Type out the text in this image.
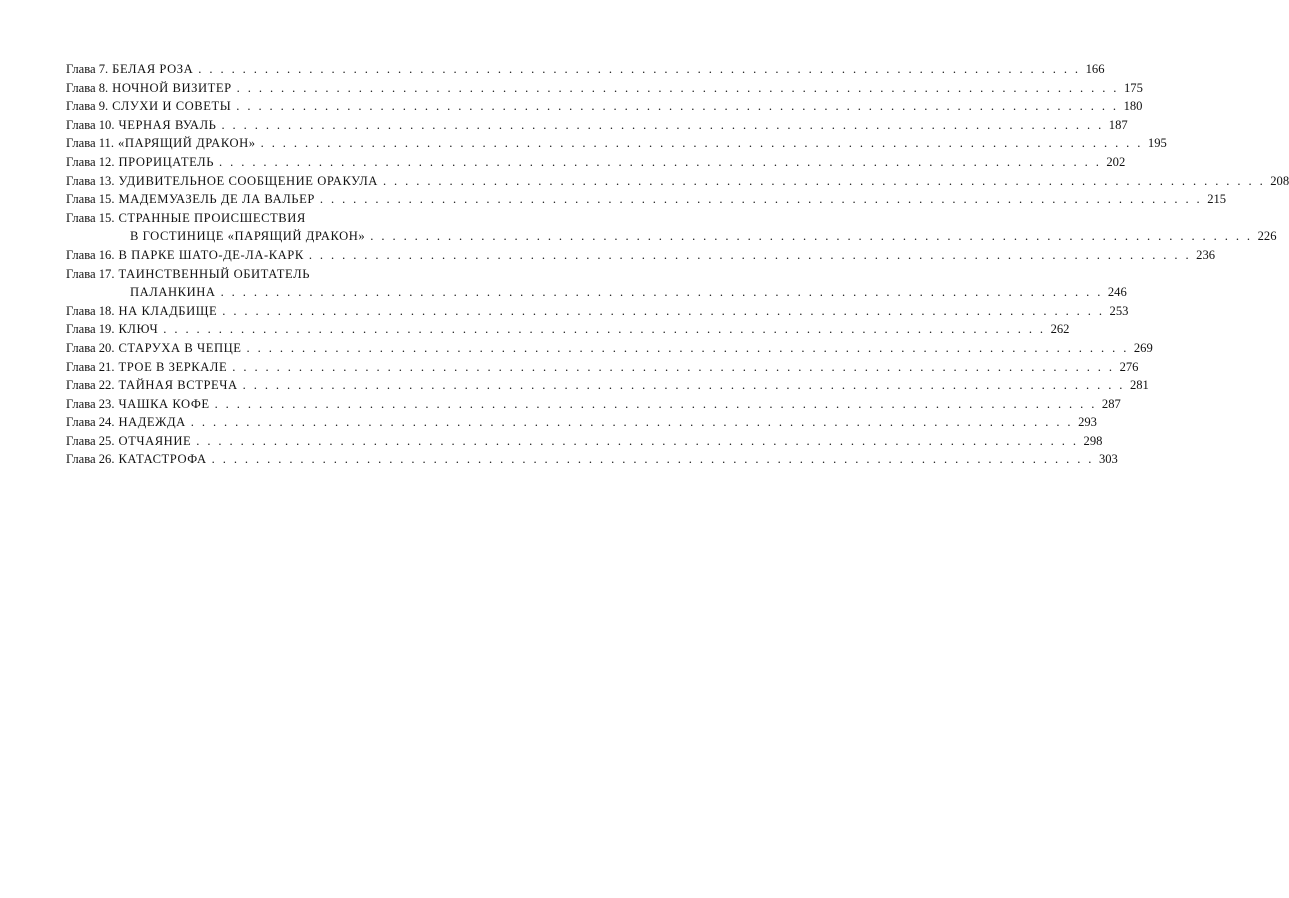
Глава 7. БЕЛАЯ РОЗА . . . . . . . . . . . . . . . . . . . . . . . . . . . . . . . . . . . . . . . . . . . . . . . . . . . . . . . . . . . . . . . . . . . . . . . . . . . . . . . . 166
Глава 8. НОЧНОЙ ВИЗИТЕР . . . . . . . . . . . . . . . . . . . . . . . . . . . . . . . . . . . . . . . . . . . . . . . . . . . . . . . . . . . . . . . . . . . . . . . . . . . . . . . . 175
Глава 9. СЛУХИ И СОВЕТЫ . . . . . . . . . . . . . . . . . . . . . . . . . . . . . . . . . . . . . . . . . . . . . . . . . . . . . . . . . . . . . . . . . . . . . . . . . . . . . . . . 180
Глава 10. ЧЕРНАЯ ВУАЛЬ . . . . . . . . . . . . . . . . . . . . . . . . . . . . . . . . . . . . . . . . . . . . . . . . . . . . . . . . . . . . . . . . . . . . . . . . . . . . . . . . 187
Глава 11. «ПАРЯЩИЙ ДРАКОН» . . . . . . . . . . . . . . . . . . . . . . . . . . . . . . . . . . . . . . . . . . . . . . . . . . . . . . . . . . . . . . . . . . . . . . . . . . . . . . . . 195
Глава 12. ПРОРИЦАТЕЛЬ . . . . . . . . . . . . . . . . . . . . . . . . . . . . . . . . . . . . . . . . . . . . . . . . . . . . . . . . . . . . . . . . . . . . . . . . . . . . . . . . 202
Глава 13. УДИВИТЕЛЬНОЕ СООБЩЕНИЕ ОРАКУЛА . . . . . . . . . . . . . . . . . . . . . . . . . . . . . . . . . . . . . . . . . . . . . . . . . . . . . . . . . . . . . . . . . . . . . . . . . . . . . . . . 208
Глава 15. МАДЕМУАЗЕЛЬ ДЕ ЛА ВАЛЬЕР . . . . . . . . . . . . . . . . . . . . . . . . . . . . . . . . . . . . . . . . . . . . . . . . . . . . . . . . . . . . . . . . . . . . . . . . . . . . . . . . 215
Глава 15. СТРАННЫЕ ПРОИСШЕСТВИЯ
В ГОСТИНИЦЕ «ПАРЯЩИЙ ДРАКОН» . . . . . . . . . . . . . . . . . . . . . . . . . . . . . . . . . . . . . . . . . . . . . . . . . . . . . . . . . . . . . . . . . . . . . . . . . . . . . . . . 226
Глава 16. В ПАРКЕ ШАТО-ДЕ-ЛА-КАРК . . . . . . . . . . . . . . . . . . . . . . . . . . . . . . . . . . . . . . . . . . . . . . . . . . . . . . . . . . . . . . . . . . . . . . . . . . . . . . . . 236
Глава 17. ТАИНСТВЕННЫЙ ОБИТАТЕЛЬ
ПАЛАНКИНА . . . . . . . . . . . . . . . . . . . . . . . . . . . . . . . . . . . . . . . . . . . . . . . . . . . . . . . . . . . . . . . . . . . . . . . . . . . . . . . . 246
Глава 18. НА КЛАДБИЩЕ . . . . . . . . . . . . . . . . . . . . . . . . . . . . . . . . . . . . . . . . . . . . . . . . . . . . . . . . . . . . . . . . . . . . . . . . . . . . . . . . 253
Глава 19. КЛЮЧ . . . . . . . . . . . . . . . . . . . . . . . . . . . . . . . . . . . . . . . . . . . . . . . . . . . . . . . . . . . . . . . . . . . . . . . . . . . . . . . . 262
Глава 20. СТАРУХА В ЧЕПЦЕ . . . . . . . . . . . . . . . . . . . . . . . . . . . . . . . . . . . . . . . . . . . . . . . . . . . . . . . . . . . . . . . . . . . . . . . . . . . . . . . . 269
Глава 21. ТРОЕ В ЗЕРКАЛЕ . . . . . . . . . . . . . . . . . . . . . . . . . . . . . . . . . . . . . . . . . . . . . . . . . . . . . . . . . . . . . . . . . . . . . . . . . . . . . . . . 276
Глава 22. ТАЙНАЯ ВСТРЕЧА . . . . . . . . . . . . . . . . . . . . . . . . . . . . . . . . . . . . . . . . . . . . . . . . . . . . . . . . . . . . . . . . . . . . . . . . . . . . . . . . 281
Глава 23. ЧАШКА КОФЕ . . . . . . . . . . . . . . . . . . . . . . . . . . . . . . . . . . . . . . . . . . . . . . . . . . . . . . . . . . . . . . . . . . . . . . . . . . . . . . . . 287
Глава 24. НАДЕЖДА . . . . . . . . . . . . . . . . . . . . . . . . . . . . . . . . . . . . . . . . . . . . . . . . . . . . . . . . . . . . . . . . . . . . . . . . . . . . . . . . 293
Глава 25. ОТЧАЯНИЕ . . . . . . . . . . . . . . . . . . . . . . . . . . . . . . . . . . . . . . . . . . . . . . . . . . . . . . . . . . . . . . . . . . . . . . . . . . . . . . . . 298
Глава 26. КАТАСТРОФА . . . . . . . . . . . . . . . . . . . . . . . . . . . . . . . . . . . . . . . . . . . . . . . . . . . . . . . . . . . . . . . . . . . . . . . . . . . . . . . . 303
